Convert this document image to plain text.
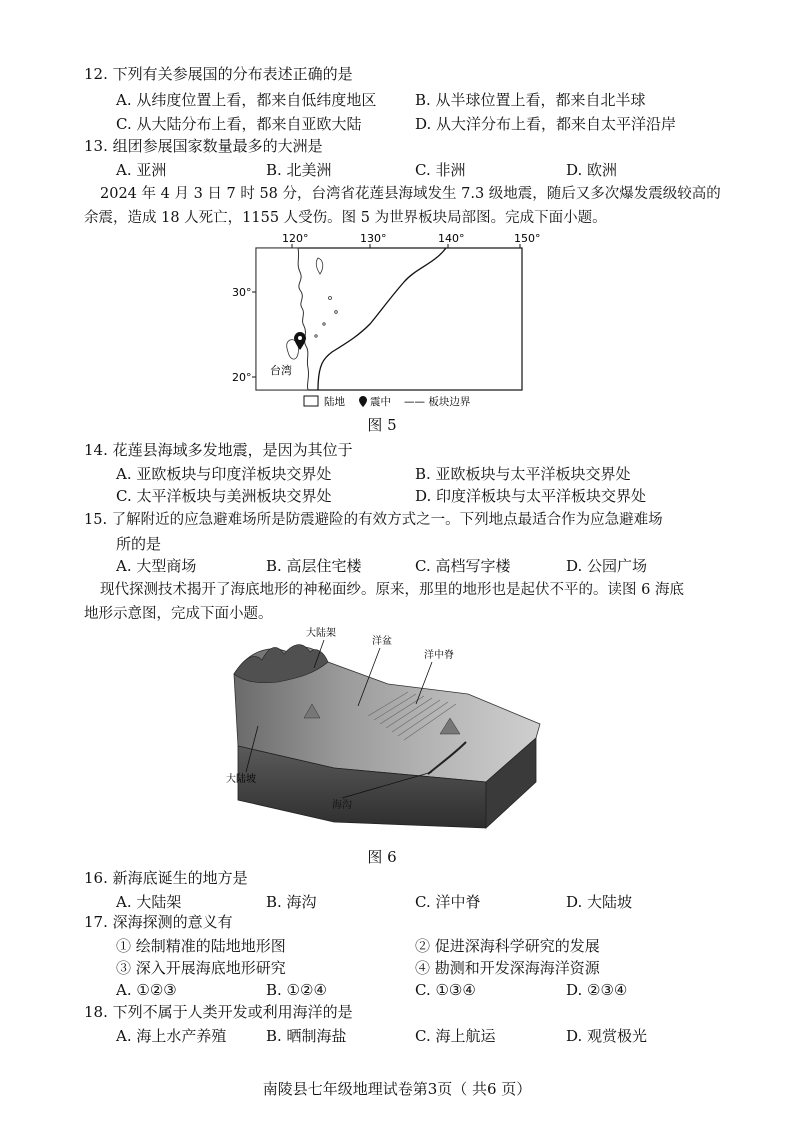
12. 下列有关参展国的分布表述正确的是
A. 从纬度位置上看，都来自低纬度地区	B. 从半球位置上看，都来自北半球
C. 从大陆分布上看，都来自亚欧大陆	D. 从大洋分布上看，都来自太平洋沿岸
13. 组团参展国家数量最多的大洲是
A. 亚洲	B. 北美洲	C. 非洲	D. 欧洲
2024 年 4 月 3 日 7 时 58 分，台湾省花莲县海域发生 7.3 级地震，随后又多次爆发震级较高的
余震，造成 18 人死亡，1155 人受伤。图 5 为世界板块局部图。完成下面小题。
120°	130°	140°	150°
30°
20°
台湾
陆地 震中 —— 板块边界
图 5
14. 花莲县海域多发地震，是因为其位于
A. 亚欧板块与印度洋板块交界处	B. 亚欧板块与太平洋板块交界处
C. 太平洋板块与美洲板块交界处	D. 印度洋板块与太平洋板块交界处
15. 了解附近的应急避难场所是防震避险的有效方式之一。下列地点最适合作为应急避难场
所的是
A. 大型商场	B. 高层住宅楼	C. 高档写字楼	D. 公园广场
现代探测技术揭开了海底地形的神秘面纱。原来，那里的地形也是起伏不平的。读图 6 海底
地形示意图，完成下面小题。
大陆架
洋盆
洋中脊
大陆坡
海沟
图 6
16. 新海底诞生的地方是
A. 大陆架	B. 海沟	C. 洋中脊	D. 大陆坡
17. 深海探测的意义有
① 绘制精准的陆地地形图	② 促进深海科学研究的发展
③ 深入开展海底地形研究	④ 勘测和开发深海海洋资源
A. ①②③	B. ①②④	C. ①③④	D. ②③④
18. 下列不属于人类开发或利用海洋的是
A. 海上水产养殖	B. 晒制海盐	C. 海上航运	D. 观赏极光
南陵县七年级地理试卷第3页（ 共6 页）
